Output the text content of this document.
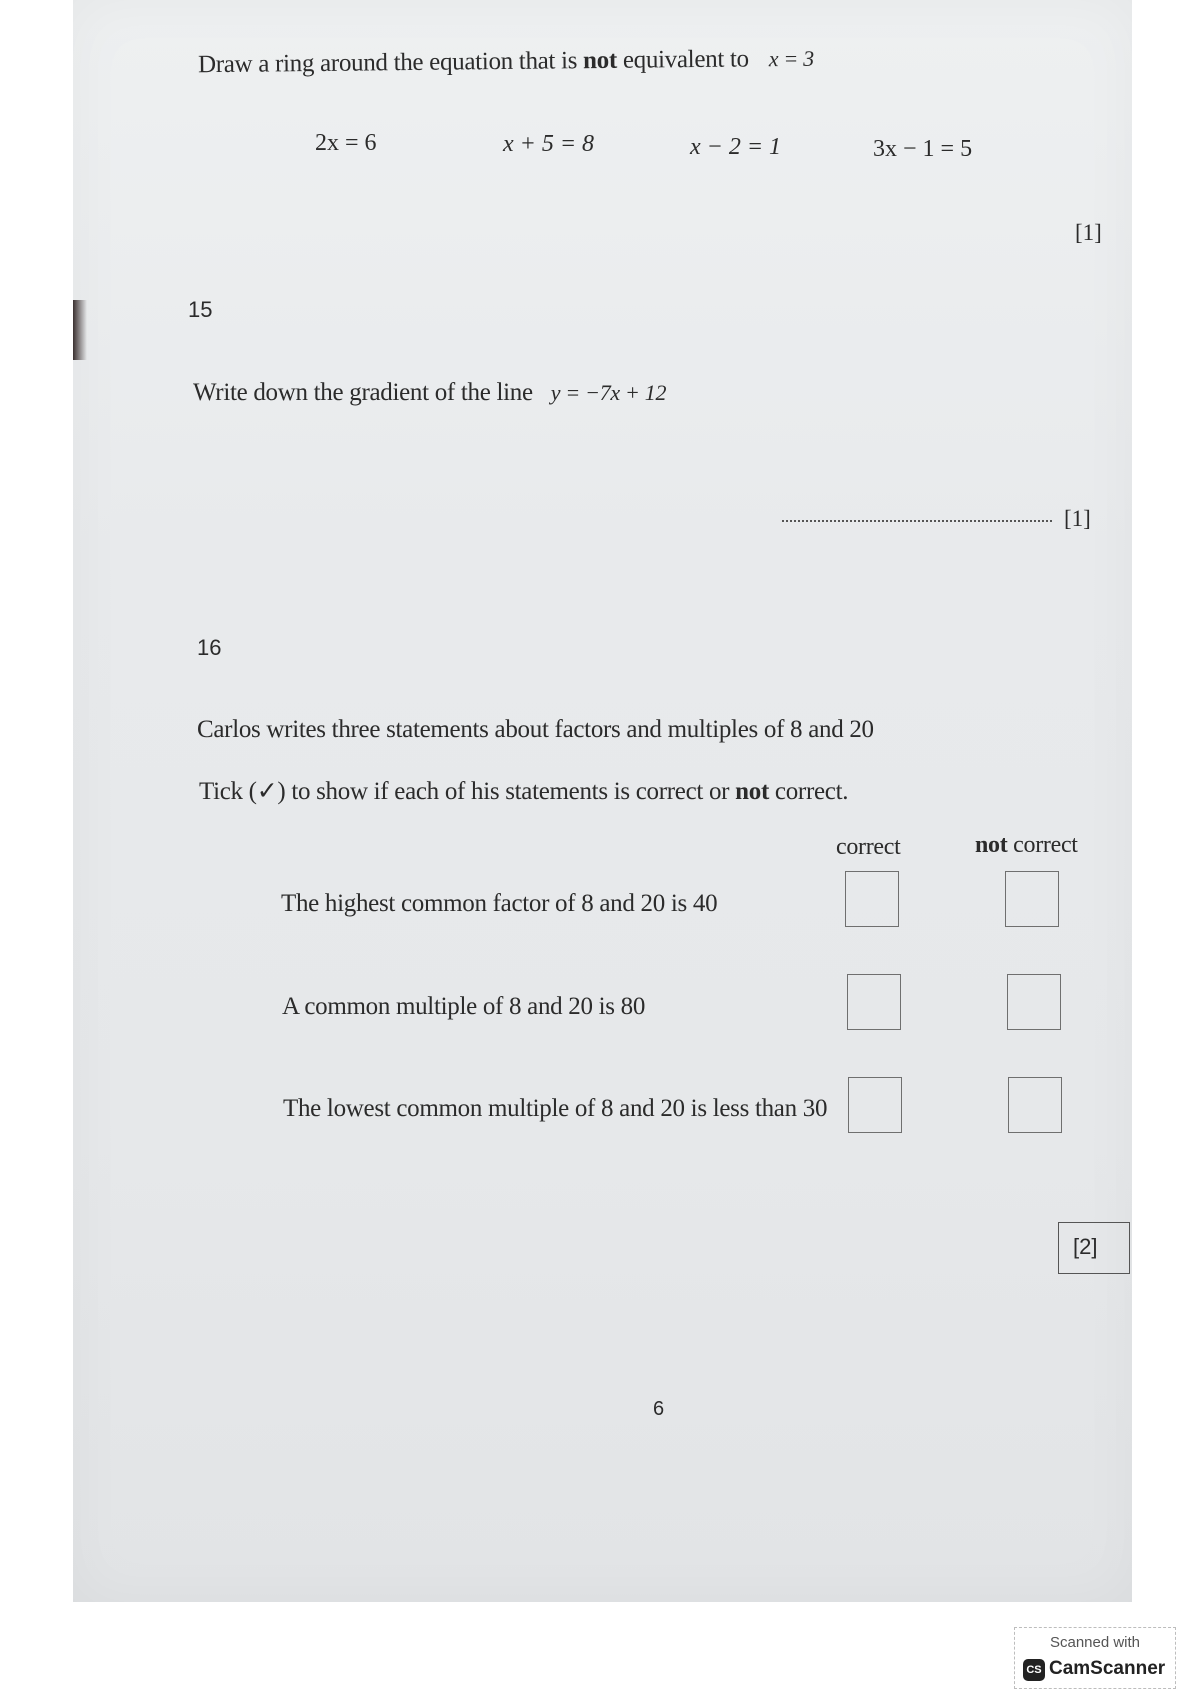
Draw a ring around the equation that is not equivalent to x = 3
2x = 6	x + 5 = 8	x − 2 = 1	3x − 1 = 5
[1]
15
Write down the gradient of the line y = −7x + 12
[1]
16
Carlos writes three statements about factors and multiples of 8 and 20
Tick (✓) to show if each of his statements is correct or not correct.
correct	not correct
The highest common factor of 8 and 20 is 40
A common multiple of 8 and 20 is 80
The lowest common multiple of 8 and 20 is less than 30
[2]
6
Scanned with
CS CamScanner
